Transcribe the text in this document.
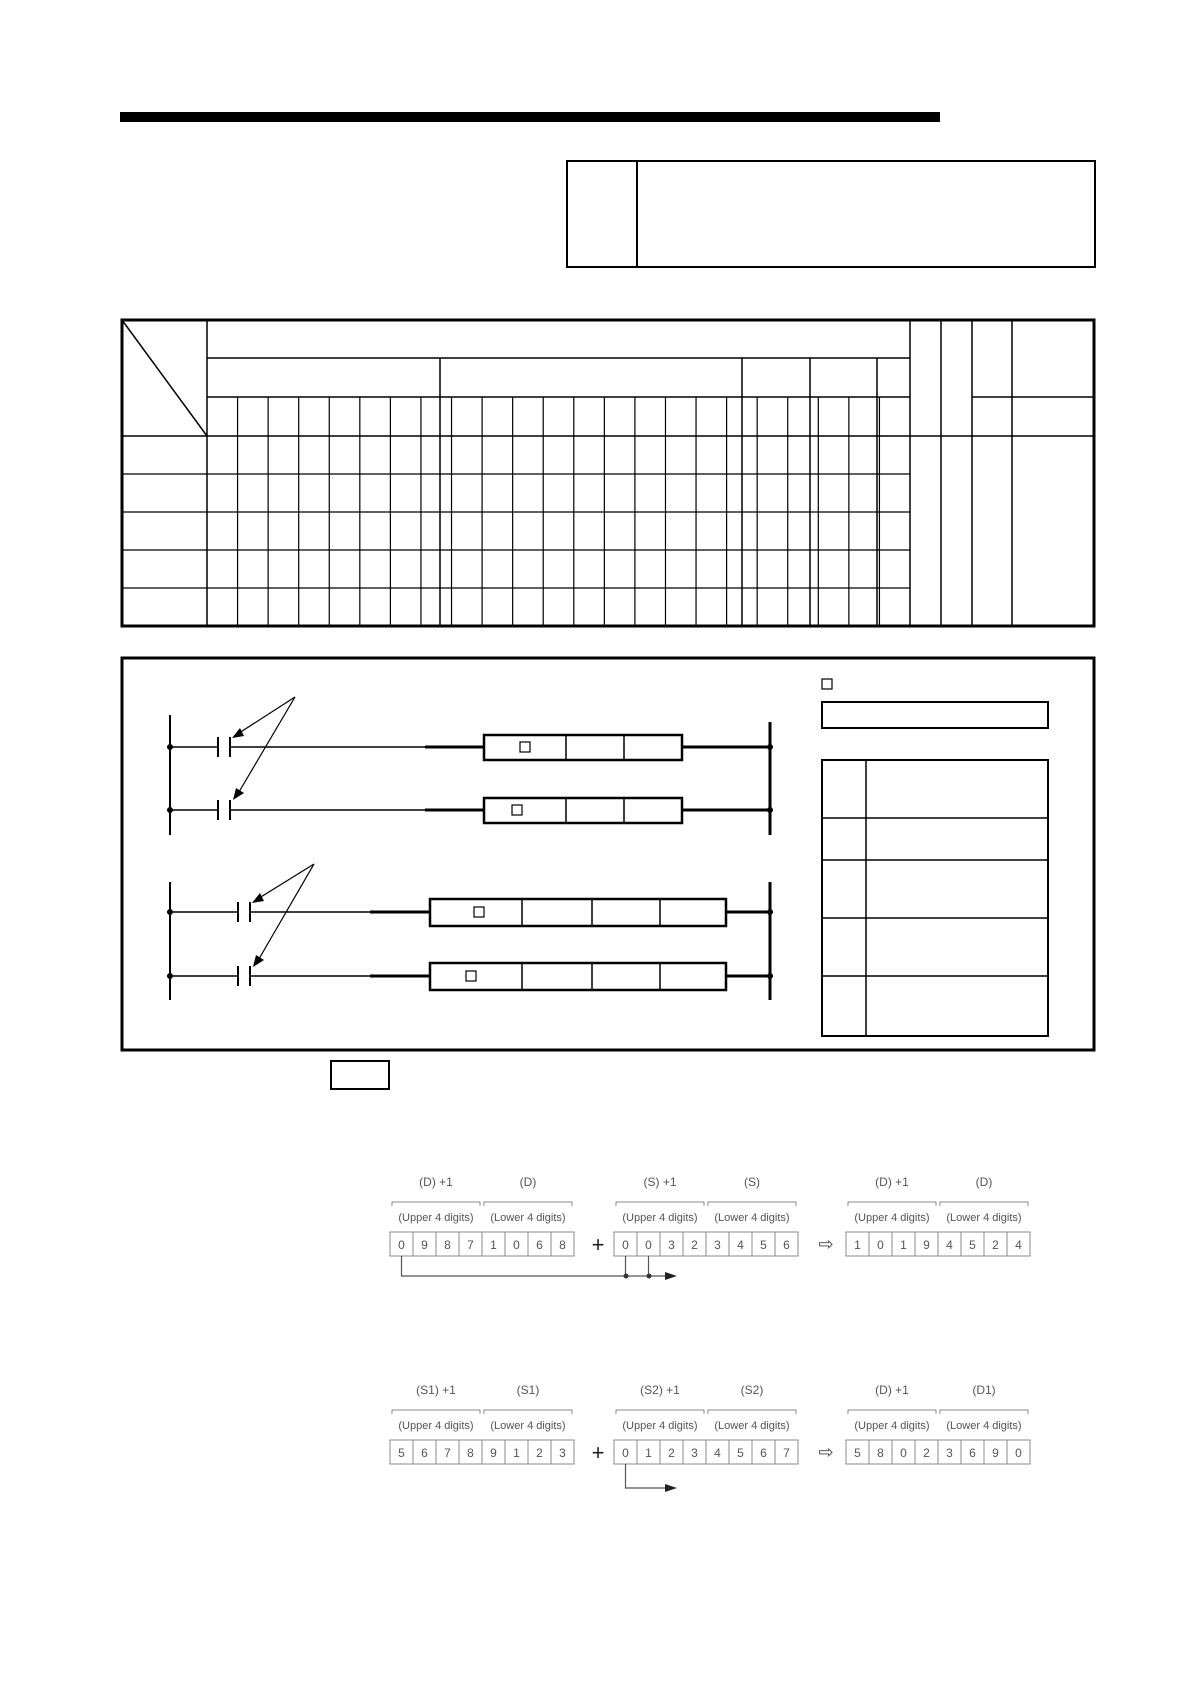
0 9 8 7 1 0 6 8
(Upper 4 digits)
(D) +1
(Lower 4 digits)
(D)
0 0 3 2 3 4 5 6
(Upper 4 digits)
(S) +1
(Lower 4 digits)
(S)
1 0 1 9 4 5 2 4
(Upper 4 digits)
(D) +1
(Lower 4 digits)
(D)
+	⇨
5 6 7 8 9 1 2 3
(Upper 4 digits)
(S1) +1
(Lower 4 digits)
(S1)
0 1 2 3 4 5 6 7
(Upper 4 digits)
(S2) +1
(Lower 4 digits)
(S2)
5 8 0 2 3 6 9 0
(Upper 4 digits)
(D) +1
(Lower 4 digits)
(D1)
+	⇨
